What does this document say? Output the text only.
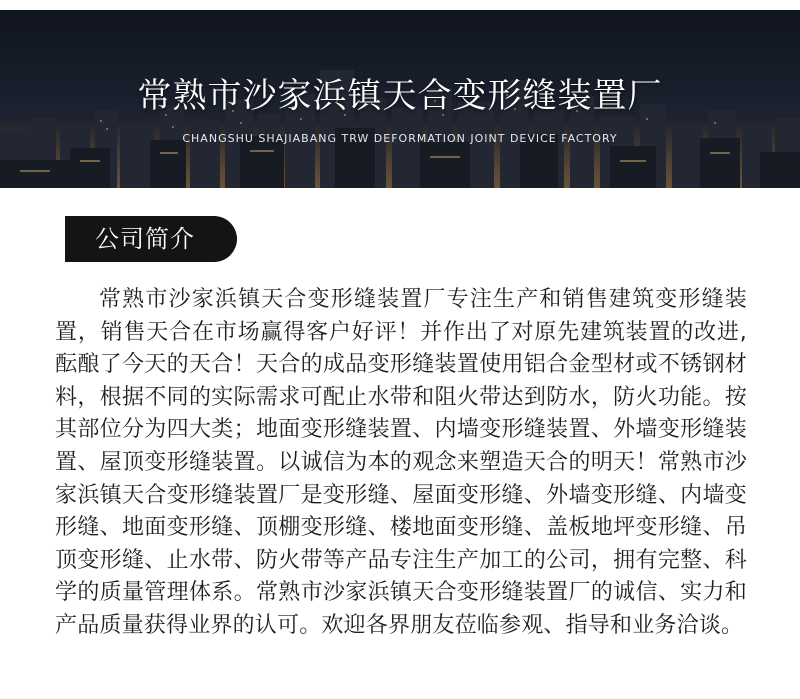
常熟市沙家浜镇天合变形缝装置厂
CHANGSHU SHAJIABANG TRW DEFORMATION JOINT DEVICE FACTORY
公司简介

常熟市沙家浜镇天合变形缝装置厂专注生产和销售建筑变形缝装置，销售天合在市场赢得客户好评！并作出了对原先建筑装置的改进,酝酿了今天的天合！天合的成品变形缝装置使用铝合金型材或不锈钢材料，根据不同的实际需求可配止水带和阻火带达到防水，防火功能。按其部位分为四大类；地面变形缝装置、内墙变形缝装置、外墙变形缝装置、屋顶变形缝装置。以诚信为本的观念来塑造天合的明天！常熟市沙家浜镇天合变形缝装置厂是变形缝、屋面变形缝、外墙变形缝、内墙变形缝、地面变形缝、顶棚变形缝、楼地面变形缝、盖板地坪变形缝、吊顶变形缝、止水带、防火带等产品专注生产加工的公司，拥有完整、科学的质量管理体系。常熟市沙家浜镇天合变形缝装置厂的诚信、实力和产品质量获得业界的认可。欢迎各界朋友莅临参观、指导和业务洽谈。
